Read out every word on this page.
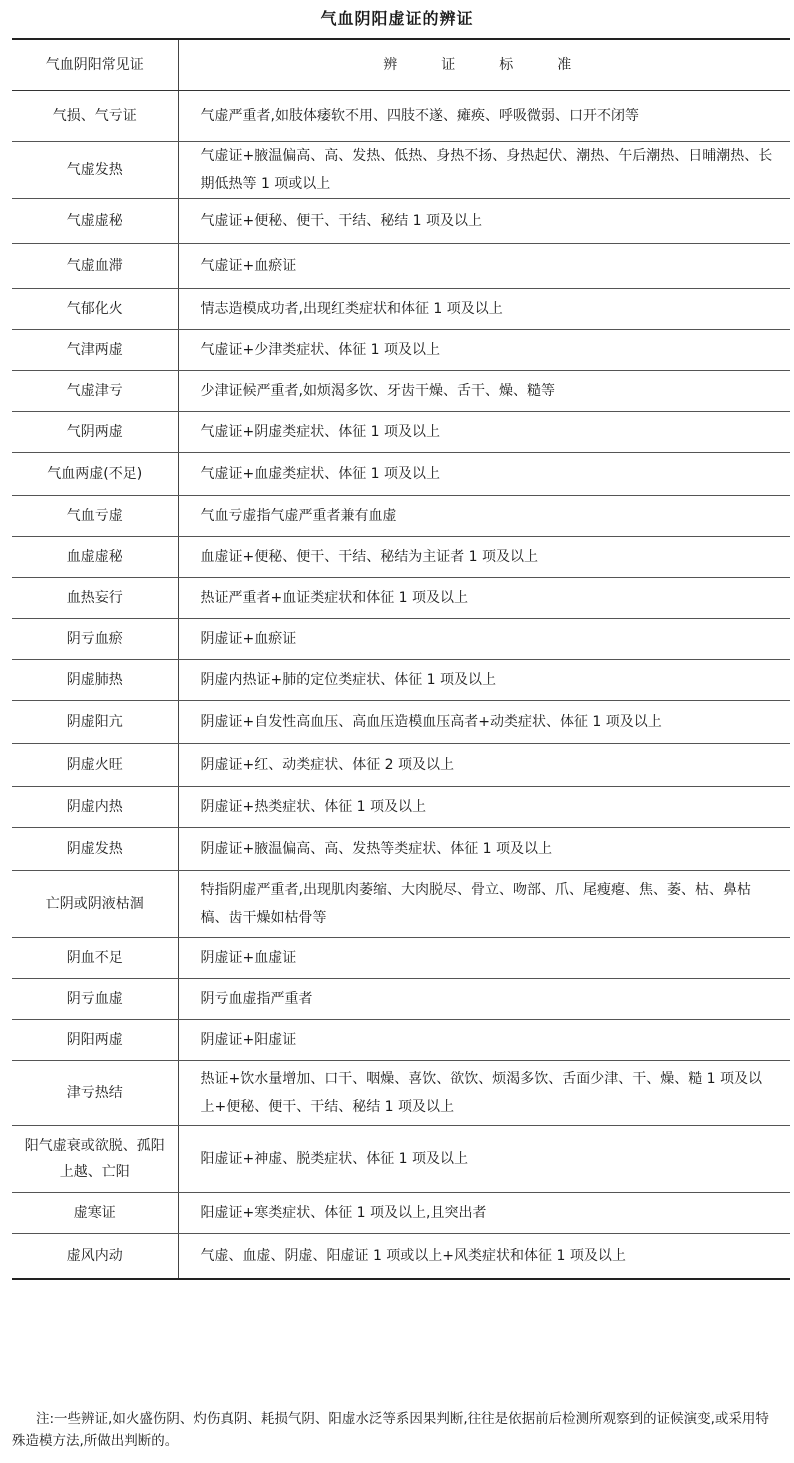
气血阴阳虚证的辨证
气血阴阳常见证	辨证标准
气损、气亏证	气虚严重者,如肢体痿软不用、四肢不遂、瘫痪、呼吸微弱、口开不闭等
气虚发热	气虚证+腋温偏高、高、发热、低热、身热不扬、身热起伏、潮热、午后潮热、日晡潮热、长期低热等 1 项或以上
气虚虚秘	气虚证+便秘、便干、干结、秘结 1 项及以上
气虚血滞	气虚证+血瘀证
气郁化火	情志造模成功者,出现红类症状和体征 1 项及以上
气津两虚	气虚证+少津类症状、体征 1 项及以上
气虚津亏	少津证候严重者,如烦渴多饮、牙齿干燥、舌干、燥、糙等
气阴两虚	气虚证+阴虚类症状、体征 1 项及以上
气血两虚(不足)	气虚证+血虚类症状、体征 1 项及以上
气血亏虚	气血亏虚指气虚严重者兼有血虚
血虚虚秘	血虚证+便秘、便干、干结、秘结为主证者 1 项及以上
血热妄行	热证严重者+血证类症状和体征 1 项及以上
阴亏血瘀	阴虚证+血瘀证
阴虚肺热	阴虚内热证+肺的定位类症状、体征 1 项及以上
阴虚阳亢	阴虚证+自发性高血压、高血压造模血压高者+动类症状、体征 1 项及以上
阴虚火旺	阴虚证+红、动类症状、体征 2 项及以上
阴虚内热	阴虚证+热类症状、体征 1 项及以上
阴虚发热	阴虚证+腋温偏高、高、发热等类症状、体征 1 项及以上
亡阴或阴液枯涸	特指阴虚严重者,出现肌肉萎缩、大肉脱尽、骨立、吻部、爪、尾瘦瘪、焦、萎、枯、鼻枯槁、齿干燥如枯骨等
阴血不足	阴虚证+血虚证
阴亏血虚	阴亏血虚指严重者
阴阳两虚	阴虚证+阳虚证
津亏热结	热证+饮水量增加、口干、咽燥、喜饮、欲饮、烦渴多饮、舌面少津、干、燥、糙 1 项及以上+便秘、便干、干结、秘结 1 项及以上
阳气虚衰或欲脱、孤阳上越、亡阳	阳虚证+神虚、脱类症状、体征 1 项及以上
虚寒证	阳虚证+寒类症状、体征 1 项及以上,且突出者
虚风内动	气虚、血虚、阴虚、阳虚证 1 项或以上+风类症状和体征 1 项及以上
注:一些辨证,如火盛伤阴、灼伤真阴、耗损气阴、阳虚水泛等系因果判断,往往是依据前后检测所观察到的证候演变,或采用特殊造模方法,所做出判断的。
